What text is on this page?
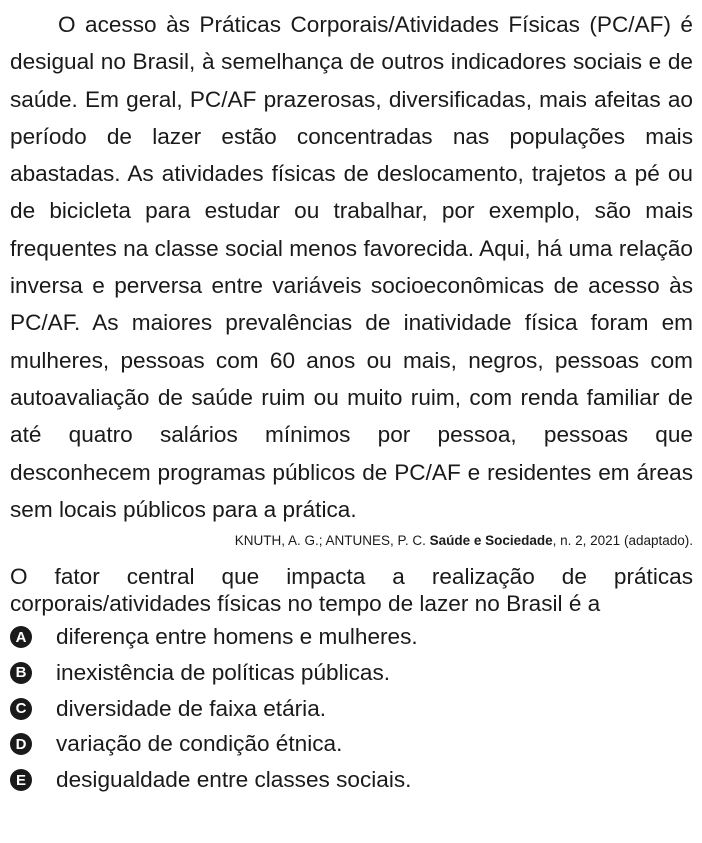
O acesso às Práticas Corporais/Atividades Físicas (PC/AF) é desigual no Brasil, à semelhança de outros indicadores sociais e de saúde. Em geral, PC/AF prazerosas, diversificadas, mais afeitas ao período de lazer estão concentradas nas populações mais abastadas. As atividades físicas de deslocamento, trajetos a pé ou de bicicleta para estudar ou trabalhar, por exemplo, são mais frequentes na classe social menos favorecida. Aqui, há uma relação inversa e perversa entre variáveis socioeconômicas de acesso às PC/AF. As maiores prevalências de inatividade física foram em mulheres, pessoas com 60 anos ou mais, negros, pessoas com autoavaliação de saúde ruim ou muito ruim, com renda familiar de até quatro salários mínimos por pessoa, pessoas que desconhecem programas públicos de PC/AF e residentes em áreas sem locais públicos para a prática.

KNUTH, A. G.; ANTUNES, P. C. Saúde e Sociedade, n. 2, 2021 (adaptado).

O fator central que impacta a realização de práticas

corporais/atividades físicas no tempo de lazer no Brasil é a

A diferença entre homens e mulheres.
B inexistência de políticas públicas.
C diversidade de faixa etária.
D variação de condição étnica.
E desigualdade entre classes sociais.
